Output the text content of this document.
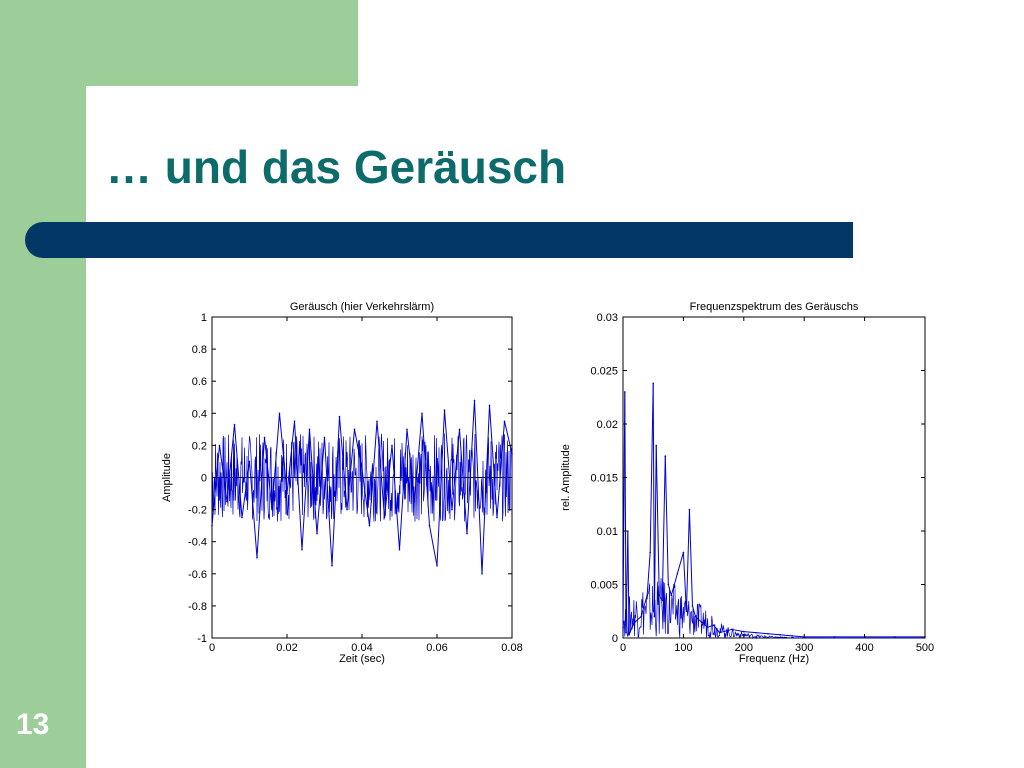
… und das Geräusch
1
0.8
0.6
0.4
0.2
0
-0.2
-0.4
-0.6
-0.8
-1
0	0.02	0.04	0.06	0.08
Geräusch (hier Verkehrslärm)
Zeit (sec)
Amplitude
0.03
0.025
0.02
0.015
0.01
0.005
0
0	100	200	300	400	500
Frequenzspektrum des Geräuschs
Frequenz (Hz)
rel. Amplitude
13
